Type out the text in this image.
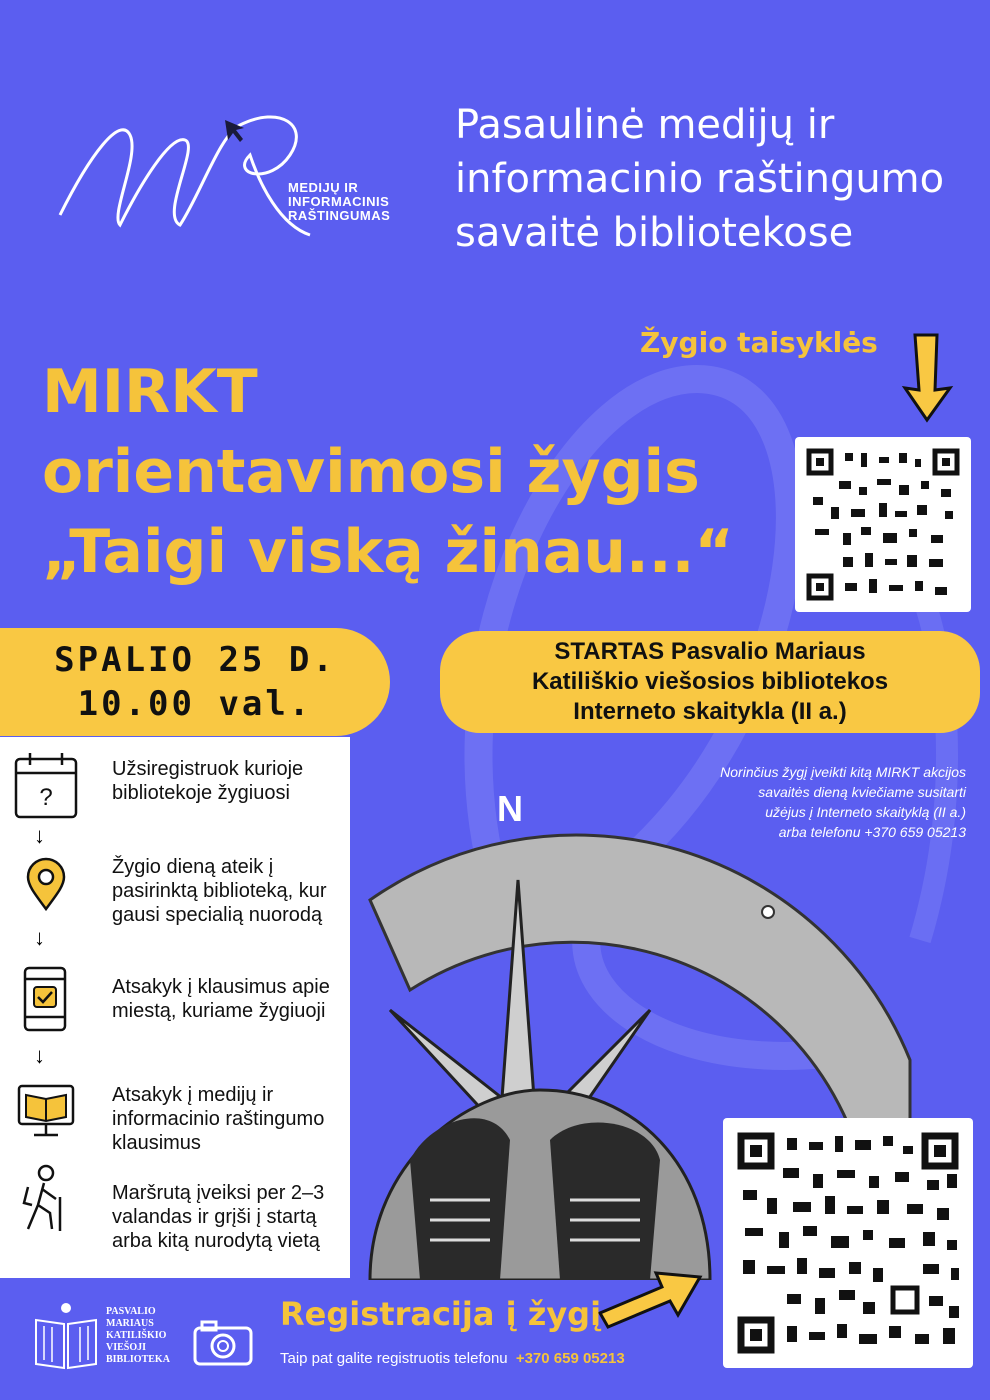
MEDIJŲ IR
INFORMACINIS
RAŠTINGUMAS
Pasaulinė medijų ir
informacinio raštingumo
savaitė bibliotekose
Žygio taisyklės
MIRKT
orientavimosi žygis
„Taigi viską žinau...“
SPALIO 25 D.
10.00 val.
STARTAS Pasvalio Mariaus
Katiliškio viešosios bibliotekos
Interneto skaitykla (II a.)
Norinčius žygį įveikti kitą MIRKT akcijos
savaitės dieną kviečiame susitarti
užėjus į Interneto skaityklą (II a.)
arba telefonu +370 659 05213
N
?
Užsiregistruok kurioje bibliotekoje žygiuosi
↓
Žygio dieną ateik į pasirinktą biblioteką, kur gausi specialią nuorodą
↓
Atsakyk į klausimus apie miestą, kuriame žygiuoji
↓
Atsakyk į medijų ir informacinio raštingumo klausimus
Maršrutą įveiksi per 2–3 valandas ir grįši į startą arba kitą nurodytą vietą
PASVALIO
MARIAUS
KATILIŠKIO
VIEŠOJI
BIBLIOTEKA
Registracija į žygį
Taip pat galite registruotis telefonu +370 659 05213
